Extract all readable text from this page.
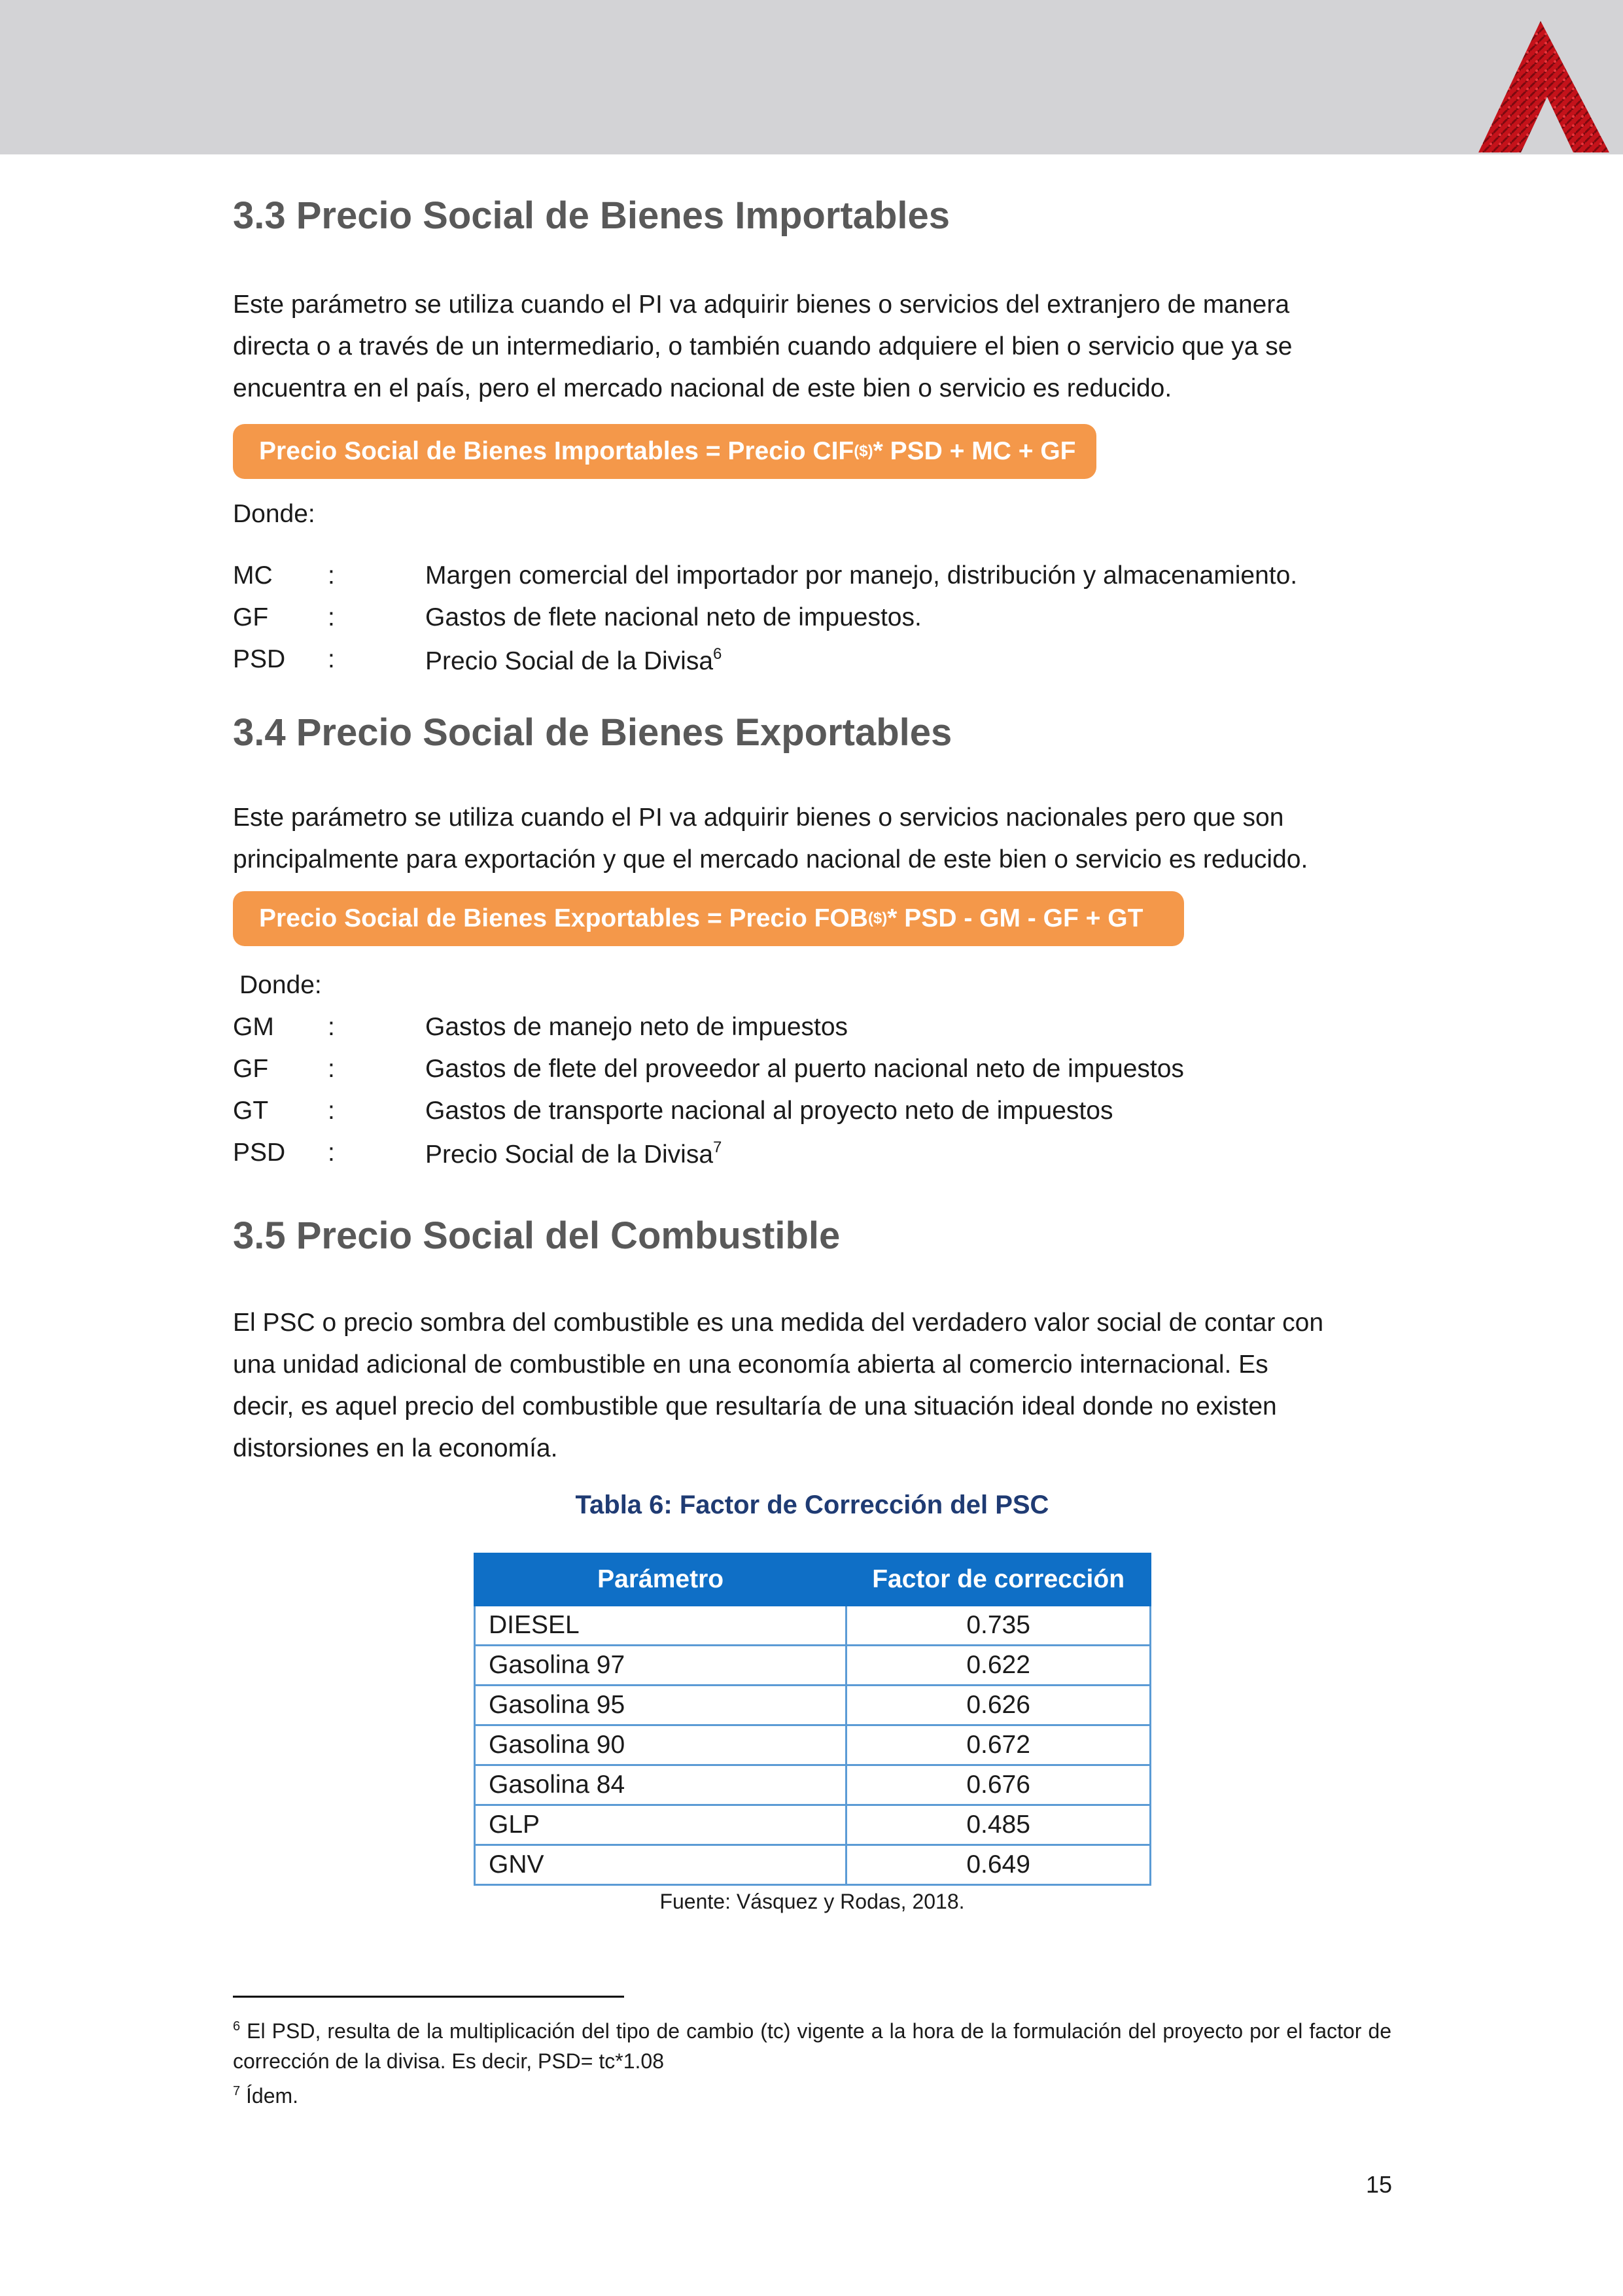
3.3 Precio Social de Bienes Importables
Este parámetro se utiliza cuando el PI va adquirir bienes o servicios del extranjero de manera
directa o a través de un intermediario, o también cuando adquiere el bien o servicio que ya se
encuentra en el país, pero el mercado nacional de este bien o servicio es reducido.
Precio Social de Bienes Importables = Precio CIF ($) * PSD + MC + GF

Donde:

MC :	Margen comercial del importador por manejo, distribución y almacenamiento.
GF :	Gastos de flete nacional neto de impuestos.
PSD :	Precio Social de la Divisa$^6$
3.4 Precio Social de Bienes Exportables
Este parámetro se utiliza cuando el PI va adquirir bienes o servicios nacionales pero que son
principalmente para exportación y que el mercado nacional de este bien o servicio es reducido.
Precio Social de Bienes Exportables = Precio FOB ($) * PSD - GM - GF + GT

Donde:

GM :	Gastos de manejo neto de impuestos
GF :	Gastos de flete del proveedor al puerto nacional neto de impuestos
GT :	Gastos de transporte nacional al proyecto neto de impuestos
PSD :	Precio Social de la Divisa$^7$
3.5 Precio Social del Combustible
El PSC o precio sombra del combustible es una medida del verdadero valor social de contar con
una unidad adicional de combustible en una economía abierta al comercio internacional. Es
decir, es aquel precio del combustible que resultaría de una situación ideal donde no existen
distorsiones en la economía.
Tabla 6: Factor de Corrección del PSC
Parámetro	Factor de corrección
DIESEL	0.735
Gasolina 97	0.622
Gasolina 95	0.626
Gasolina 90	0.672
Gasolina 84	0.676
GLP	0.485
GNV	0.649
Fuente: Vásquez y Rodas, 2018.

$^6$ El PSD, resulta de la multiplicación del tipo de cambio (tc) vigente a la hora de la formulación del proyecto por el factor de corrección de la divisa. Es decir, PSD= tc*1.08

$^7$ Ídem.

15
